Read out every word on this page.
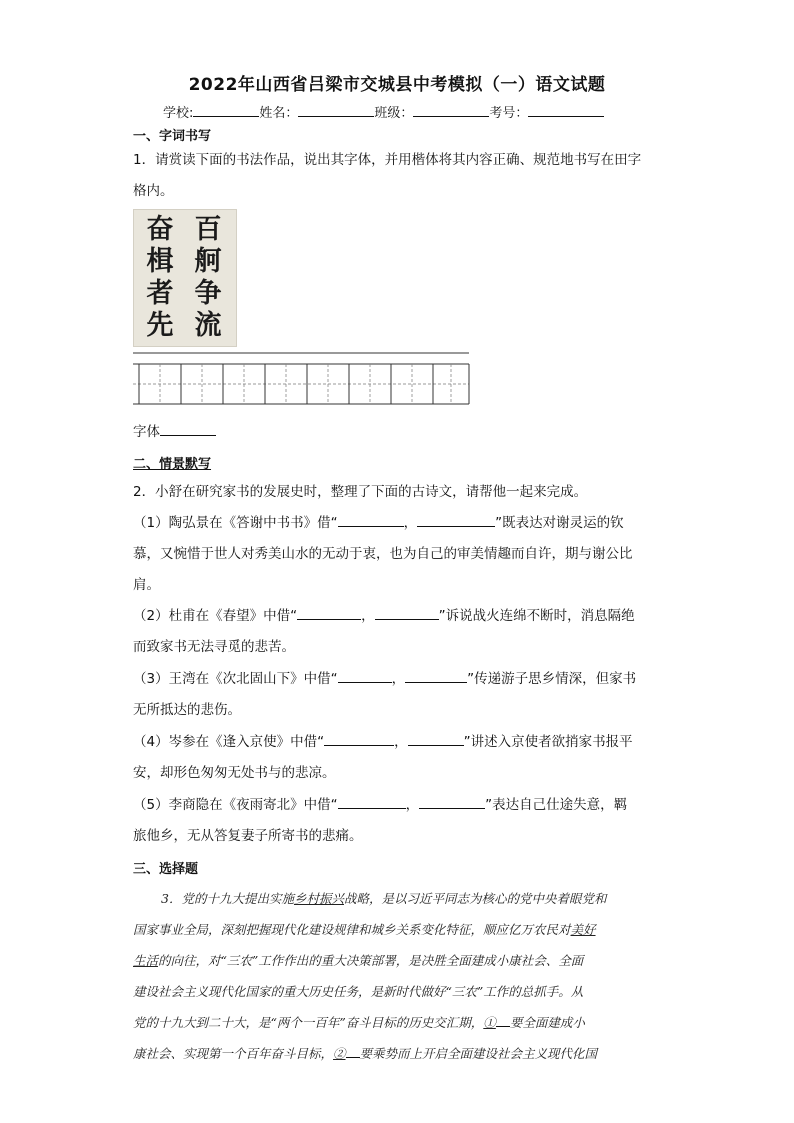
2022年山西省吕梁市交城县中考模拟（一）语文试题
学校:	姓名：	班级：	考号：
一、字词书写
1．请赏读下面的书法作品，说出其字体，并用楷体将其内容正确、规范地书写在田字
格内。
百
舸
争
流
奋
楫
者
先
字体
二、情景默写
2．小舒在研究家书的发展史时，整理了下面的古诗文，请帮他一起来完成。
（1）陶弘景在《答谢中书书》借“	，	”既表达对谢灵运的钦
慕，又惋惜于世人对秀美山水的无动于衷，也为自己的审美情趣而自许，期与谢公比
肩。
（2）杜甫在《春望》中借“	，	”诉说战火连绵不断时，消息隔绝
而致家书无法寻觅的悲苦。
（3）王湾在《次北固山下》中借“	，	”传递游子思乡情深，但家书
无所抵达的悲伤。
（4）岑参在《逢入京使》中借“	，	”讲述入京使者欲捎家书报平
安，却形色匆匆无处书与的悲凉。
（5）李商隐在《夜雨寄北》中借“	，	”表达自己仕途失意，羁
旅他乡，无从答复妻子所寄书的悲痛。
三、选择题
3．党的十九大提出实施乡村振兴战略，是以习近平同志为核心的党中央着眼党和
国家事业全局，深刻把握现代化建设规律和城乡关系变化特征，顺应亿万农民对美好
生活的向往，对“三农”工作作出的重大决策部署，是决胜全面建成小康社会、全面
建设社会主义现代化国家的重大历史任务，是新时代做好“三农”工作的总抓手。从
党的十九大到二十大，是“两个一百年”奋斗目标的历史交汇期，① 要全面建成小
康社会、实现第一个百年奋斗目标，② 要乘势而上开启全面建设社会主义现代化国
